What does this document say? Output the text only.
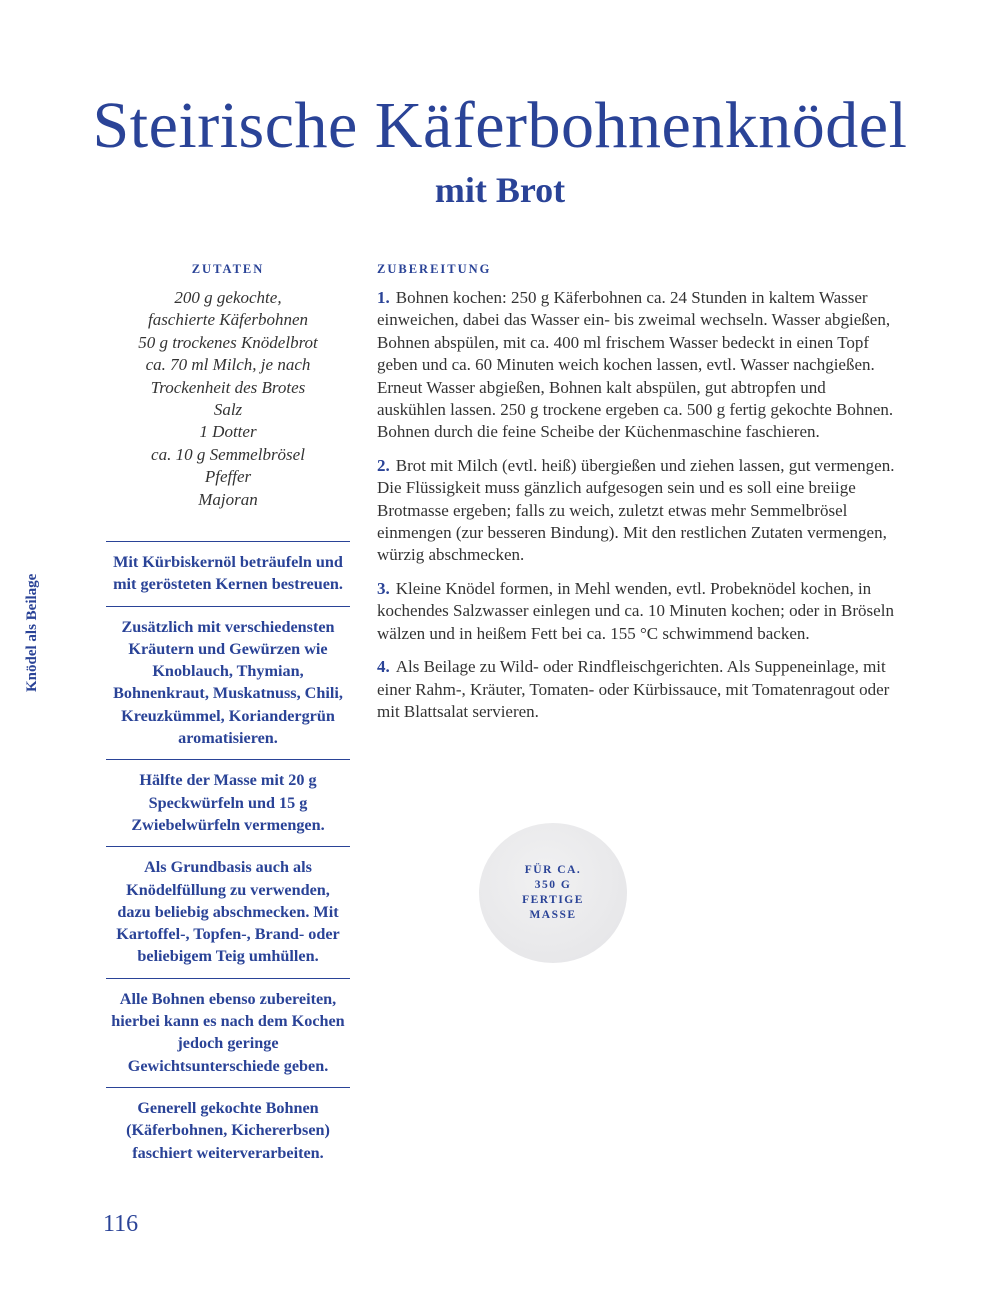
Steirische Käferbohnenknödel
mit Brot
Knödel als Beilage
ZUTATEN
200 g gekochte,
faschierte Käferbohnen
50 g trockenes Knödelbrot
ca. 70 ml Milch, je nach
Trockenheit des Brotes
Salz
1 Dotter
ca. 10 g Semmelbrösel
Pfeffer
Majoran
Mit Kürbiskernöl beträufeln und mit gerösteten Kernen bestreuen.
Zusätzlich mit verschiedensten Kräutern und Gewürzen wie Knoblauch, Thymian, Bohnenkraut, Muskatnuss, Chili, Kreuzkümmel, Koriandergrün aromatisieren.
Hälfte der Masse mit 20 g Speckwürfeln und 15 g Zwiebelwürfeln vermengen.
Als Grundbasis auch als Knödelfüllung zu verwenden, dazu beliebig abschmecken. Mit Kartoffel-, Topfen-, Brand- oder beliebigem Teig umhüllen.
Alle Bohnen ebenso zubereiten, hierbei kann es nach dem Kochen jedoch geringe Gewichtsunterschiede geben.
Generell gekochte Bohnen (Käferbohnen, Kichererbsen) faschiert weiterverarbeiten.
ZUBEREITUNG

1. Bohnen kochen: 250 g Käferbohnen ca. 24 Stunden in kaltem Wasser einweichen, dabei das Wasser ein- bis zweimal wechseln. Wasser abgießen, Bohnen abspülen, mit ca. 400 ml frischem Wasser bedeckt in einen Topf geben und ca. 60 Minuten weich kochen lassen, evtl. Wasser nachgießen. Erneut Wasser abgießen, Bohnen kalt abspülen, gut abtropfen und auskühlen lassen. 250 g trockene ergeben ca. 500 g fertig gekochte Bohnen. Bohnen durch die feine Scheibe der Küchenmaschine faschieren.

2. Brot mit Milch (evtl. heiß) übergießen und ziehen lassen, gut vermengen. Die Flüssigkeit muss gänzlich aufgesogen sein und es soll eine breiige Brotmasse ergeben; falls zu weich, zuletzt etwas mehr Semmelbrösel einmengen (zur besseren Bindung). Mit den restlichen Zutaten vermengen, würzig abschmecken.

3. Kleine Knödel formen, in Mehl wenden, evtl. Probeknödel kochen, in kochendes Salzwasser einlegen und ca. 10 Minuten kochen; oder in Bröseln wälzen und in heißem Fett bei ca. 155 °C schwimmend backen.

4. Als Beilage zu Wild- oder Rindfleischgerichten. Als Suppeneinlage, mit einer Rahm-, Kräuter, Tomaten- oder Kürbissauce, mit Tomatenragout oder mit Blattsalat servieren.

FÜR CA.
350 G
FERTIGE
MASSE
116
